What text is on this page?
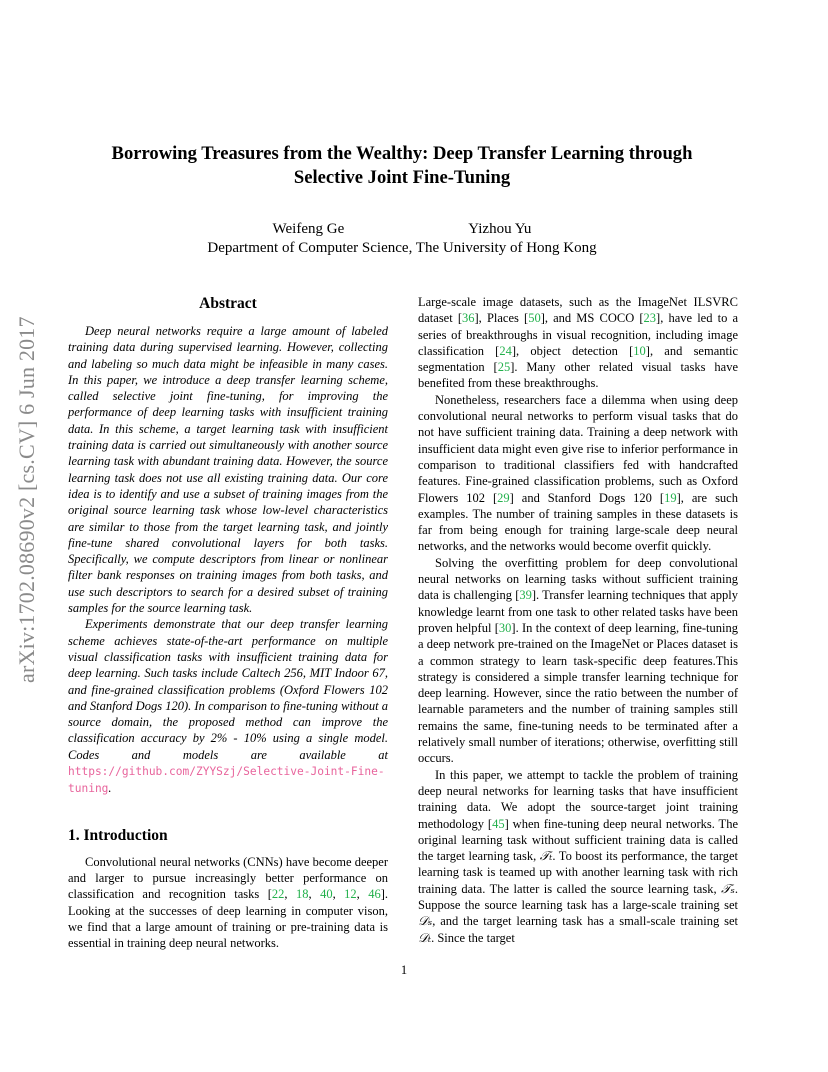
arXiv:1702.08690v2 [cs.CV] 6 Jun 2017
Borrowing Treasures from the Wealthy: Deep Transfer Learning through
Selective Joint Fine-Tuning
Weifeng Ge	Yizhou Yu
Department of Computer Science, The University of Hong Kong
Abstract

Deep neural networks require a large amount of labeled training data during supervised learning. However, collecting and labeling so much data might be infeasible in many cases. In this paper, we introduce a deep transfer learning scheme, called selective joint fine-tuning, for improving the performance of deep learning tasks with insufficient training data. In this scheme, a target learning task with insufficient training data is carried out simultaneously with another source learning task with abundant training data. However, the source learning task does not use all existing training data. Our core idea is to identify and use a subset of training images from the original source learning task whose low-level characteristics are similar to those from the target learning task, and jointly fine-tune shared convolutional layers for both tasks. Specifically, we compute descriptors from linear or nonlinear filter bank responses on training images from both tasks, and use such descriptors to search for a desired subset of training samples for the source learning task.

Experiments demonstrate that our deep transfer learning scheme achieves state-of-the-art performance on multiple visual classification tasks with insufficient training data for deep learning. Such tasks include Caltech 256, MIT Indoor 67, and fine-grained classification problems (Oxford Flowers 102 and Stanford Dogs 120). In comparison to fine-tuning without a source domain, the proposed method can improve the classification accuracy by 2% - 10% using a single model. Codes and models are available at https://github.com/ZYYSzj/Selective-Joint-Fine-tuning.

1. Introduction

Convolutional neural networks (CNNs) have become deeper and larger to pursue increasingly better performance on classification and recognition tasks [22, 18, 40, 12, 46]. Looking at the successes of deep learning in computer vison, we find that a large amount of training or pre-training data is essential in training deep neural networks.

Large-scale image datasets, such as the ImageNet ILSVRC dataset [36], Places [50], and MS COCO [23], have led to a series of breakthroughs in visual recognition, including image classification [24], object detection [10], and semantic segmentation [25]. Many other related visual tasks have benefited from these breakthroughs.

Nonetheless, researchers face a dilemma when using deep convolutional neural networks to perform visual tasks that do not have sufficient training data. Training a deep network with insufficient data might even give rise to inferior performance in comparison to traditional classifiers fed with handcrafted features. Fine-grained classification problems, such as Oxford Flowers 102 [29] and Stanford Dogs 120 [19], are such examples. The number of training samples in these datasets is far from being enough for training large-scale deep neural networks, and the networks would become overfit quickly.

Solving the overfitting problem for deep convolutional neural networks on learning tasks without sufficient training data is challenging [39]. Transfer learning techniques that apply knowledge learnt from one task to other related tasks have been proven helpful [30]. In the context of deep learning, fine-tuning a deep network pre-trained on the ImageNet or Places dataset is a common strategy to learn task-specific deep features.This strategy is considered a simple transfer learning technique for deep learning. However, since the ratio between the number of learnable parameters and the number of training samples still remains the same, fine-tuning needs to be terminated after a relatively small number of iterations; otherwise, overfitting still occurs.

In this paper, we attempt to tackle the problem of training deep neural networks for learning tasks that have insufficient training data. We adopt the source-target joint training methodology [45] when fine-tuning deep neural networks. The original learning task without sufficient training data is called the target learning task, 𝒯ₜ. To boost its performance, the target learning task is teamed up with another learning task with rich training data. The latter is called the source learning task, 𝒯ₛ. Suppose the source learning task has a large-scale training set 𝒟ₛ, and the target learning task has a small-scale training set 𝒟ₜ. Since the target

1
